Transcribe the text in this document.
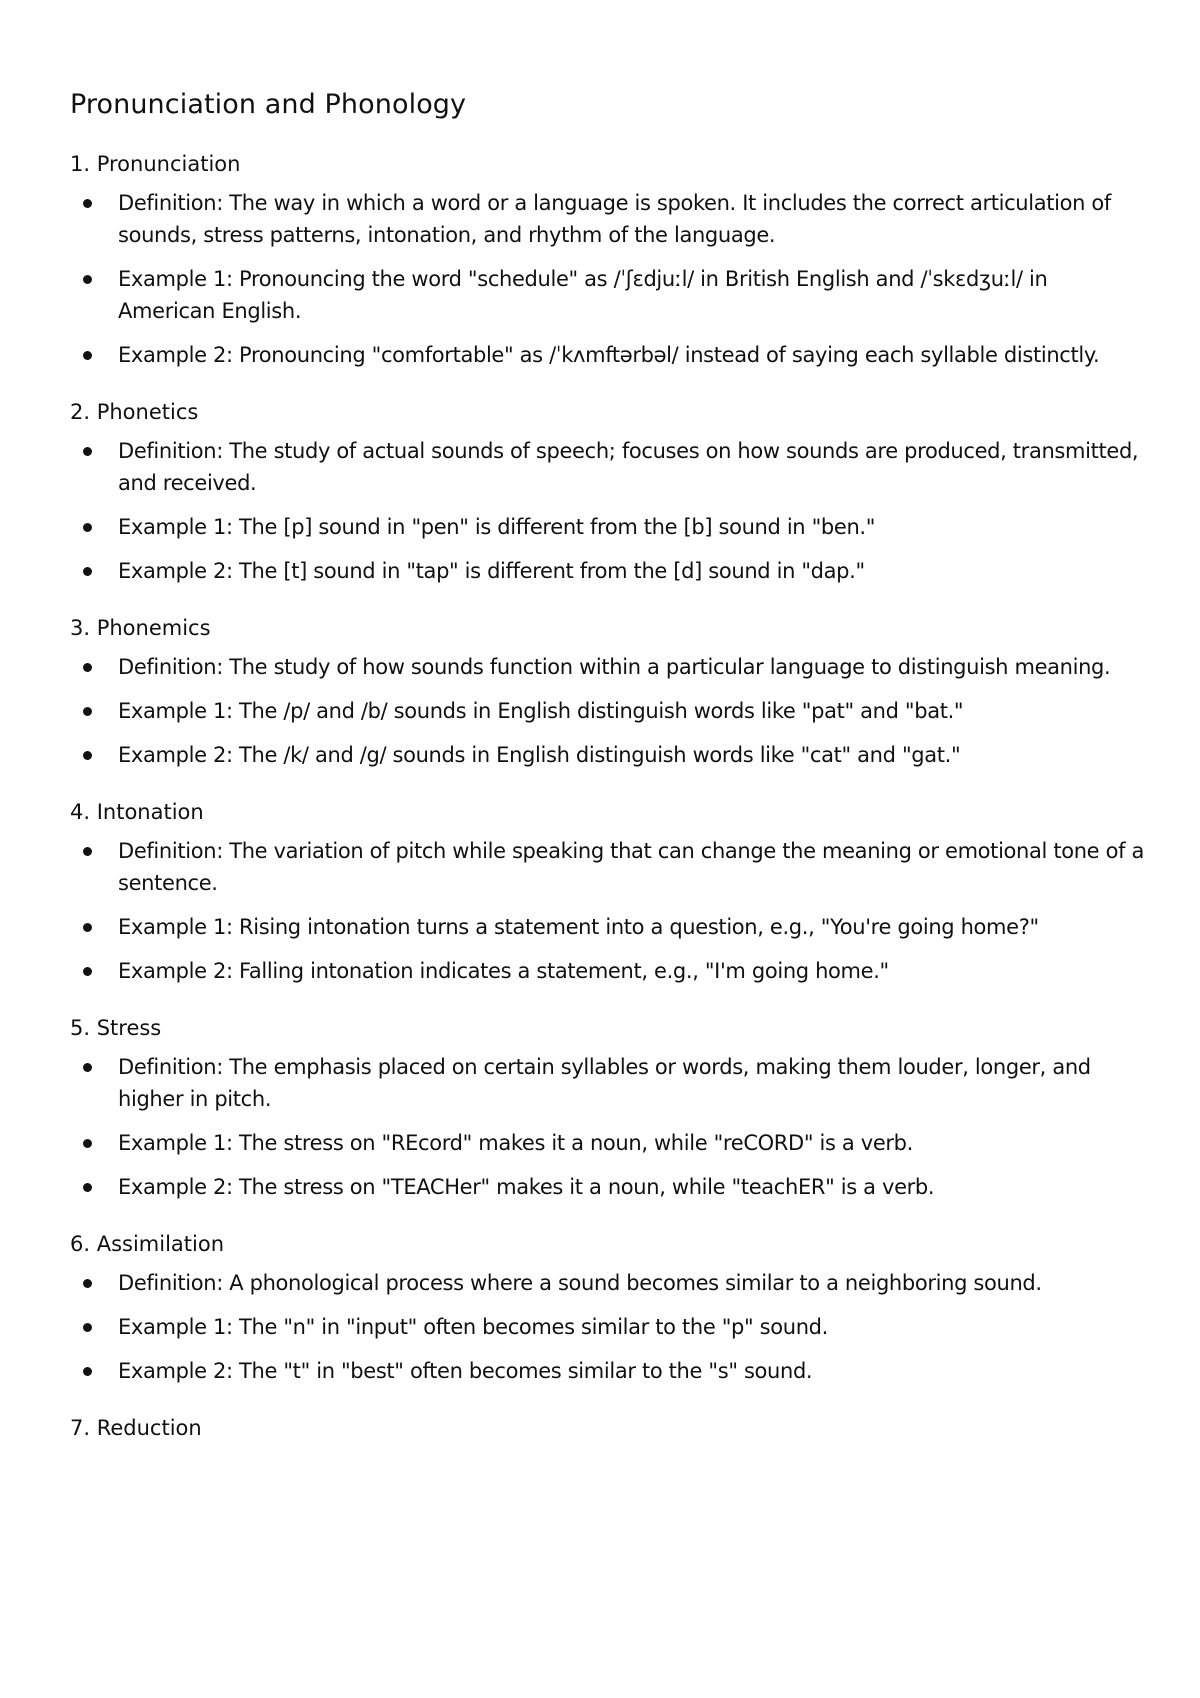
Pronunciation and Phonology
1. Pronunciation
Definition: The way in which a word or a language is spoken. It includes the correct articulation of sounds, stress patterns, intonation, and rhythm of the language.
Example 1: Pronouncing the word "schedule" as /ˈʃɛdjuːl/ in British English and /ˈskɛdʒuːl/ in American English.
Example 2: Pronouncing "comfortable" as /ˈkʌmftərbəl/ instead of saying each syllable distinctly.
2. Phonetics
Definition: The study of actual sounds of speech; focuses on how sounds are produced, transmitted, and received.
Example 1: The [p] sound in "pen" is different from the [b] sound in "ben."
Example 2: The [t] sound in "tap" is different from the [d] sound in "dap."
3. Phonemics
Definition: The study of how sounds function within a particular language to distinguish meaning.
Example 1: The /p/ and /b/ sounds in English distinguish words like "pat" and "bat."
Example 2: The /k/ and /g/ sounds in English distinguish words like "cat" and "gat."
4. Intonation
Definition: The variation of pitch while speaking that can change the meaning or emotional tone of a sentence.
Example 1: Rising intonation turns a statement into a question, e.g., "You're going home?"
Example 2: Falling intonation indicates a statement, e.g., "I'm going home."
5. Stress
Definition: The emphasis placed on certain syllables or words, making them louder, longer, and higher in pitch.
Example 1: The stress on "REcord" makes it a noun, while "reCORD" is a verb.
Example 2: The stress on "TEACHer" makes it a noun, while "teachER" is a verb.
6. Assimilation
Definition: A phonological process where a sound becomes similar to a neighboring sound.
Example 1: The "n" in "input" often becomes similar to the "p" sound.
Example 2: The "t" in "best" often becomes similar to the "s" sound.
7. Reduction
